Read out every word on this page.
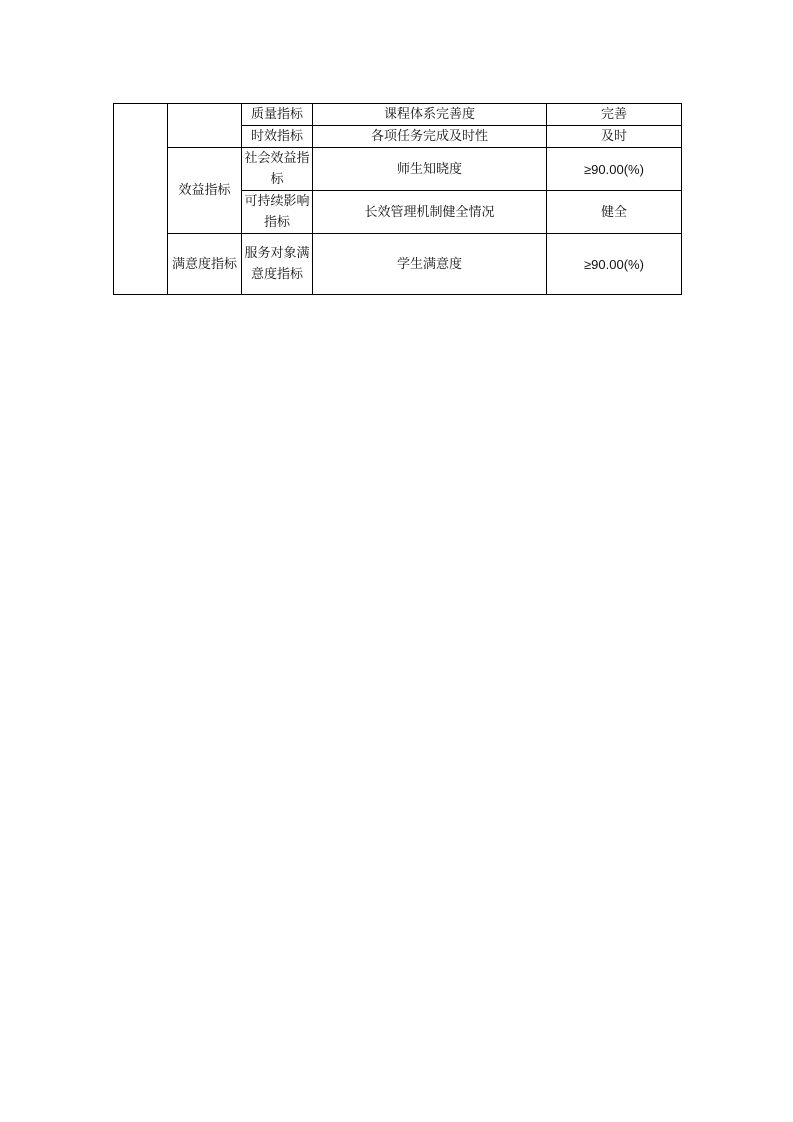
		质量指标	课程体系完善度	完善
		时效指标	各项任务完成及时性	及时
	效益指标	社会效益指标	师生知晓度	≥90.00(%)
		可持续影响指标	长效管理机制健全情况	健全
	满意度指标	服务对象满意度指标	学生满意度	≥90.00(%)
